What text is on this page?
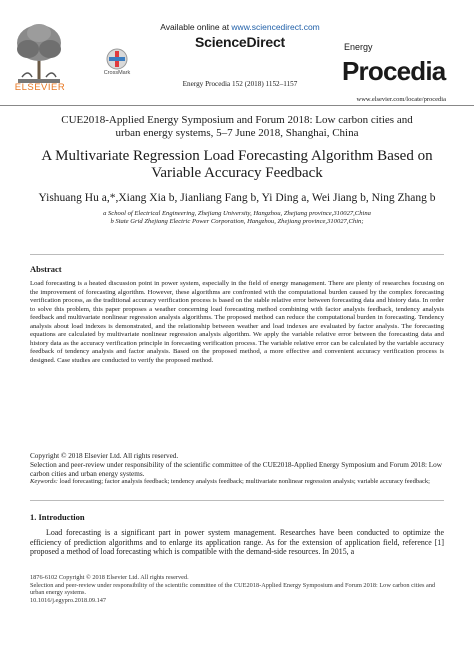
ELSEVIER
CrossMark
Available online at www.sciencedirect.com
ScienceDirect
Energy Procedia 152 (2018) 1152–1157
Energy
Procedia
www.elsevier.com/locate/procedia
CUE2018-Applied Energy Symposium and Forum 2018: Low carbon cities and
urban energy systems, 5–7 June 2018, Shanghai, China
A Multivariate Regression Load Forecasting Algorithm Based on Variable Accuracy Feedback
Yishuang Hu a,*,Xiang Xia b, Jianliang Fang b, Yi Ding a, Wei Jiang b, Ning Zhang b
a School of Electrical Engineering, Zhejiang University, Hangzhou, Zhejiang province,310027,China
b State Grid Zhejiang Electric Power Corporation, Hangzhou, Zhejiang province,310027,Chin;
Abstract
Load forecasting is a heated discussion point in power system, especially in the field of energy management. There are plenty of researches focusing on the improvement of forecasting algorithm. However, these algorithms are confronted with the computational burden caused by the complex forecasting verification process, as the traditional accuracy verification process is based on the stable relative error between forecasting data and history data. In order to solve this problem, this paper proposes a weather concerning load forecasting method combining with factor analysis feedback, tendency analysis feedback and multivariate nonlinear regression analysis algorithms. The proposed method can reduce the computational burden in forecasting. Tendency analysis about load indexes is demonstrated, and the relationship between weather and load indexes are evaluated by factor analysis. The forecasting equations are calculated by multivariate nonlinear regression analysis algorithm. We apply the variable relative error between the forecasting data and history data as the accuracy verification principle in forecasting verification process. The variable relative error can be calculated by the variable accuracy feedback of tendency analysis and factor analysis. Based on the proposed method, a more effective and convenient accuracy verification process is designed. Case studies are conducted to verify the proposed method.
Copyright © 2018 Elsevier Ltd. All rights reserved.
Selection and peer-review under responsibility of the scientific committee of the CUE2018-Applied Energy Symposium and Forum 2018: Low carbon cities and urban energy systems.
Keywords: load forecasting; factor analysis feedback; tendency analysis feedback; multivariate nonlinear regression analysis; variable accuracy feedback;
1. Introduction
Load forecasting is a significant part in power system management. Researches have been conducted to optimize the efficiency of prediction algorithms and to enlarge its application range. As for the extension of application field, reference [1] proposed a method of load forecasting which is compatible with the demand-side resources. In 2015, a
1876-6102 Copyright © 2018 Elsevier Ltd. All rights reserved.
Selection and peer-review under responsibility of the scientific committee of the CUE2018-Applied Energy Symposium and Forum 2018: Low carbon cities and urban energy systems.
10.1016/j.egypro.2018.09.147
